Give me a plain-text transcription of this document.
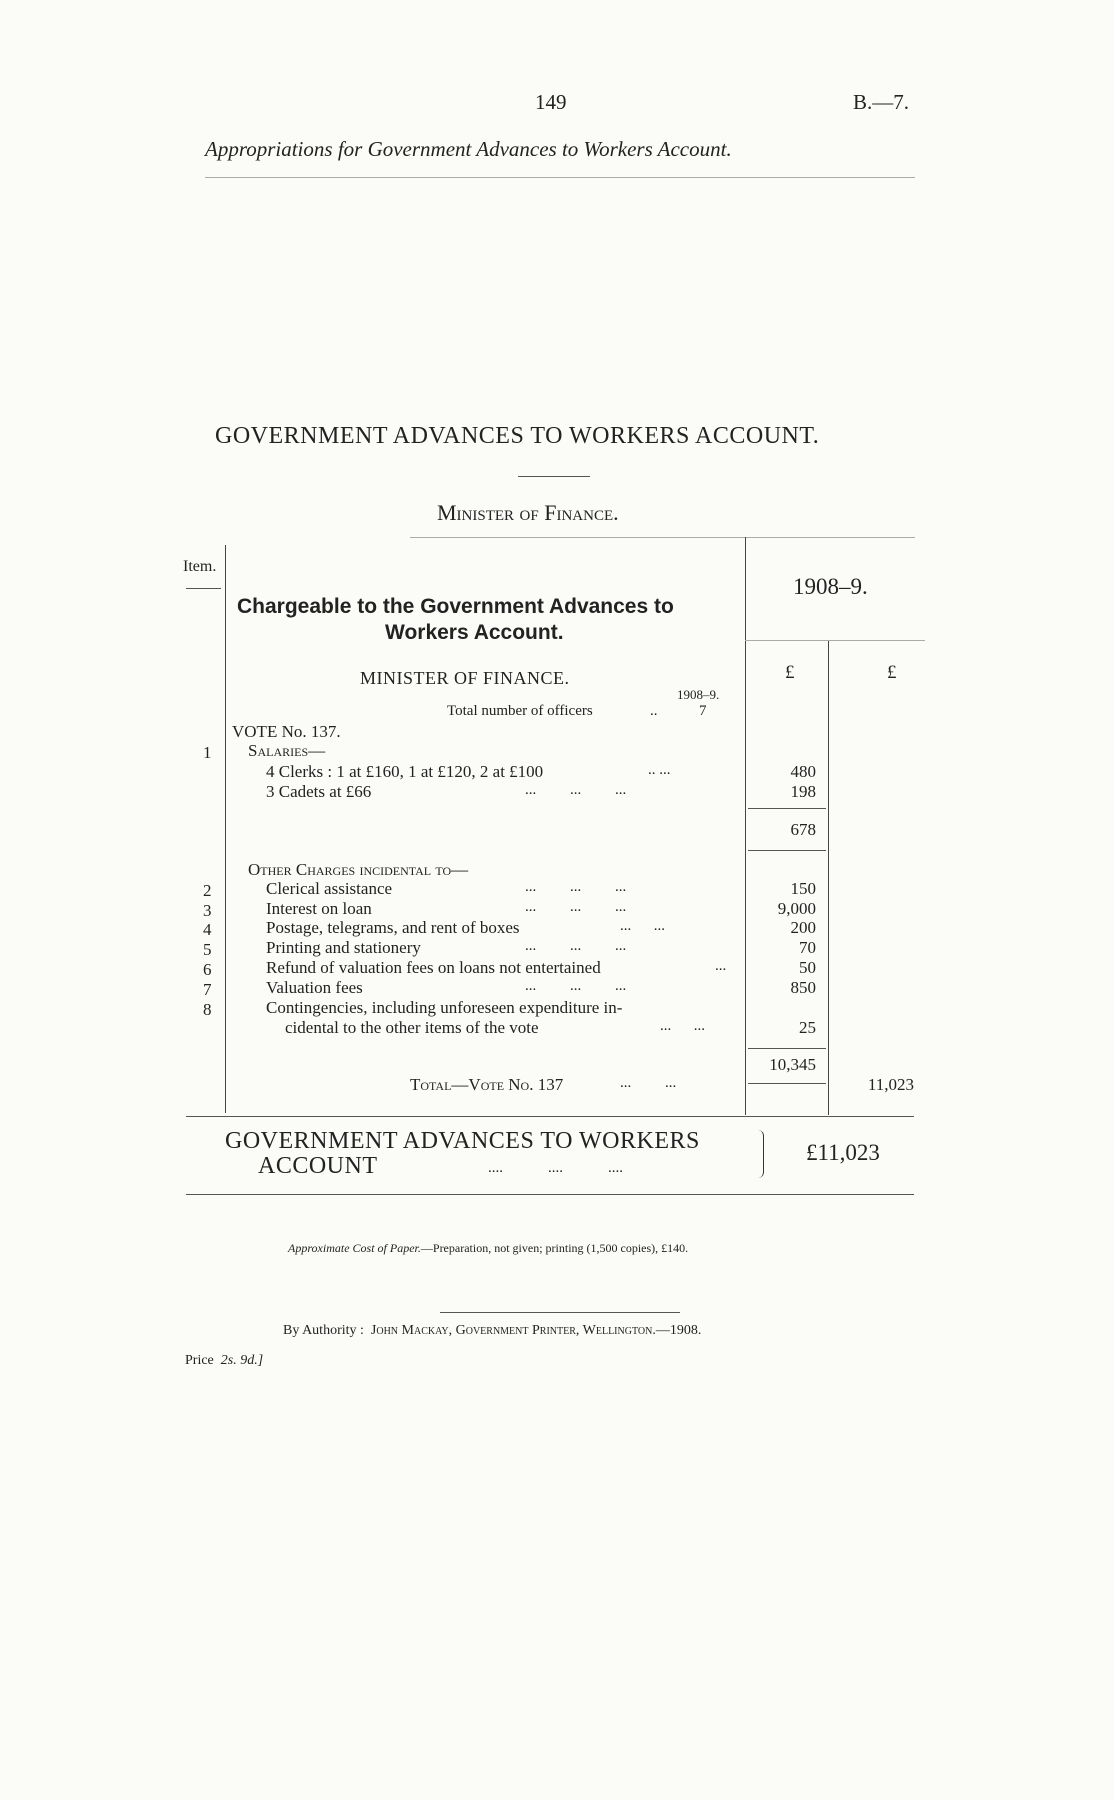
149	B.—7.
Appropriations for Government Advances to Workers Account.
GOVERNMENT ADVANCES TO WORKERS ACCOUNT.
Minister of Finance.
Item.
Chargeable to the Government Advances to
Workers Account.
1908–9.
£	£
MINISTER OF FINANCE.
1908–9.
Total number of officers	..	7
VOTE No. 137.
1 Salaries—
4 Clerks : 1 at £160, 1 at £120, 2 at £100	.. ...	480
3 Cadets at £66	...         ...         ...	198
678
Other Charges incidental to—
2	Clerical assistance	...         ...         ...	150
3	Interest on loan	...         ...         ...	9,000
4	Postage, telegrams, and rent of boxes	...      ...	200
5	Printing and stationery	...         ...         ...	70
6	Refund of valuation fees on loans not entertained	...	50
7	Valuation fees	...         ...         ...	850
8	Contingencies, including unforeseen expenditure in-
cidental to the other items of the vote	...      ...	25
10,345
Total—Vote No. 137	...         ...	11,023
GOVERNMENT ADVANCES TO WORKERS
ACCOUNT	....            ....            ....
£11,023
Approximate Cost of Paper.—Preparation, not given; printing (1,500 copies), £140.
By Authority : John Mackay, Government Printer, Wellington.—1908.
Price 2s. 9d.]
